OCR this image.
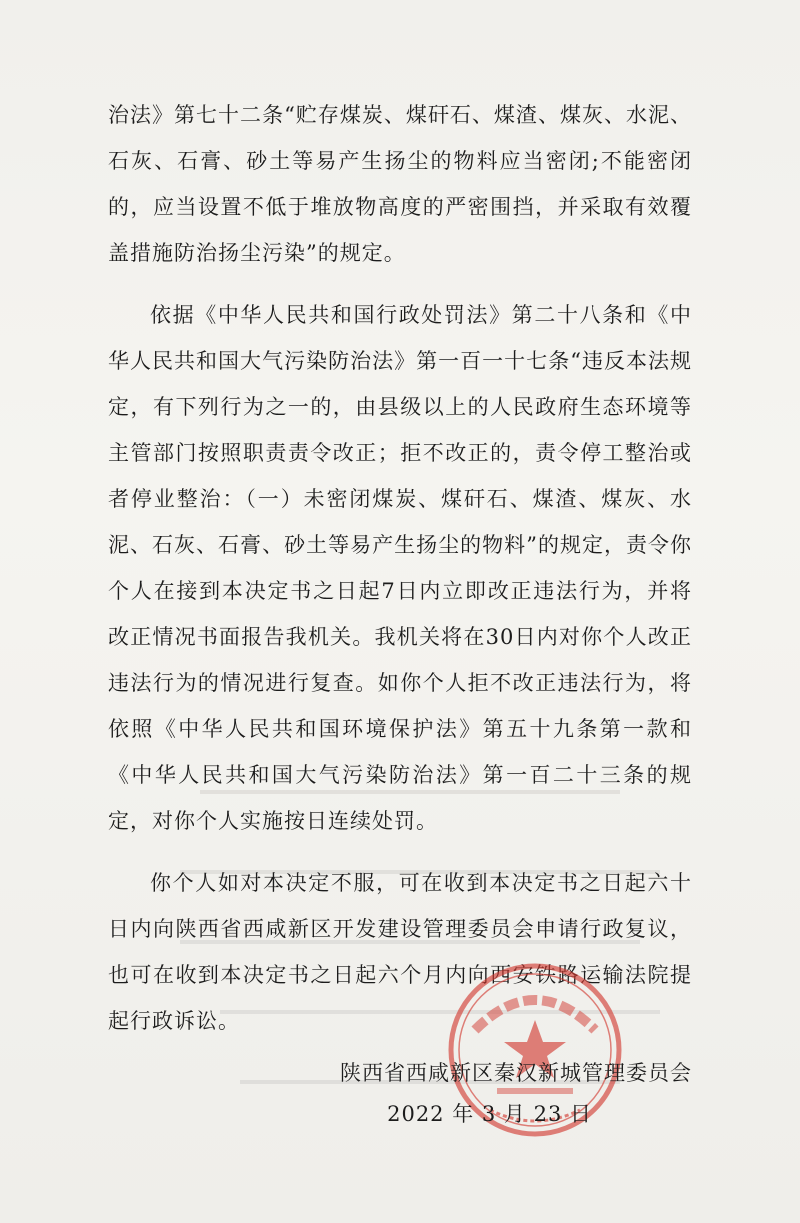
治法》第七十二条“贮存煤炭、煤矸石、煤渣、煤灰、水泥、石灰、石膏、砂土等易产生扬尘的物料应当密闭;不能密闭的，应当设置不低于堆放物高度的严密围挡，并采取有效覆盖措施防治扬尘污染”的规定。

依据《中华人民共和国行政处罚法》第二十八条和《中华人民共和国大气污染防治法》第一百一十七条“违反本法规定，有下列行为之一的，由县级以上的人民政府生态环境等主管部门按照职责责令改正；拒不改正的，责令停工整治或者停业整治：（一）未密闭煤炭、煤矸石、煤渣、煤灰、水泥、石灰、石膏、砂土等易产生扬尘的物料”的规定，责令你个人在接到本决定书之日起7日内立即改正违法行为，并将改正情况书面报告我机关。我机关将在30日内对你个人改正违法行为的情况进行复查。如你个人拒不改正违法行为，将依照《中华人民共和国环境保护法》第五十九条第一款和《中华人民共和国大气污染防治法》第一百二十三条的规定，对你个人实施按日连续处罚。

你个人如对本决定不服，可在收到本决定书之日起六十日内向陕西省西咸新区开发建设管理委员会申请行政复议，也可在收到本决定书之日起六个月内向西安铁路运输法院提起行政诉讼。

陕西省西咸新区秦汉新城管理委员会
2022 年 3 月 23 日
